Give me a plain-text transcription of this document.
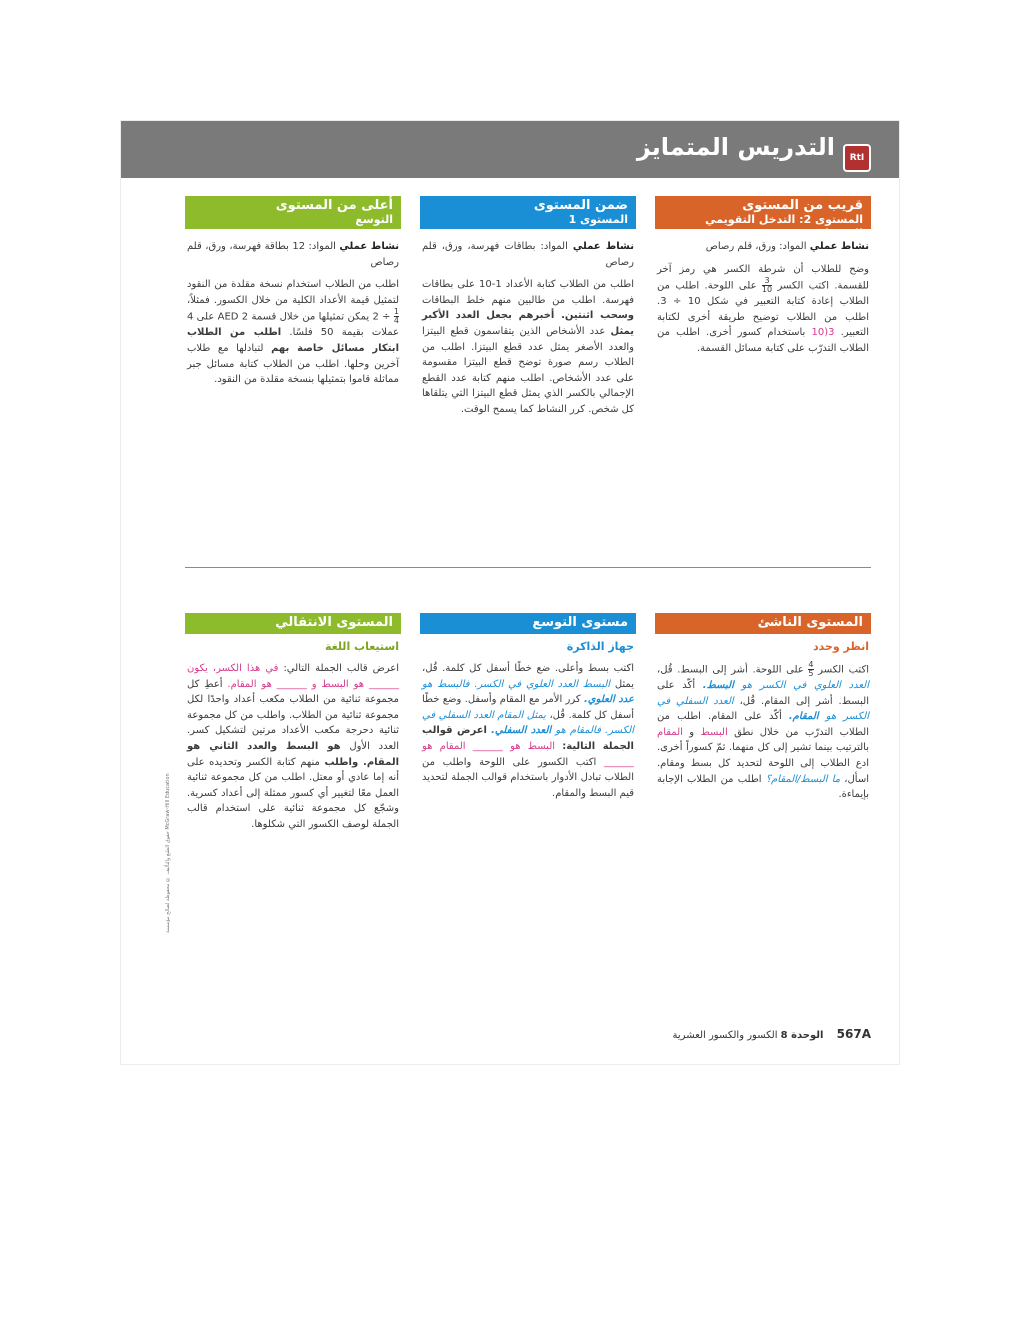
التدريس المتمايز	RtI
قريب من المستوى
المستوى 2: التدخل التقويمي الإستراتيجي

نشاط عملي المواد: ورق، قلم رصاص

وضح للطلاب أن شرطة الكسر هي رمز آخر للقسمة. اكتب الكسر
$\frac{3}{10}$
على اللوحة. اطلب من الطلاب إعادة كتابة التعبير في شكل 10 ÷ 3. اطلب من الطلاب توضيح طريقة أخرى لكتابة التعبير. 3(10 باستخدام كسور أخرى. اطلب من الطلاب التدرّب على كتابة مسائل القسمة.

ضمن المستوى
المستوى 1

نشاط عملي المواد: بطاقات فهرسة، ورق، قلم رصاص

اطلب من الطلاب كتابة الأعداد 1-10 على بطاقات فهرسة. اطلب من طالبين منهم خلط البطاقات وسحب اثنتين. أخبرهم بجعل العدد الأكبر يمثل عدد الأشخاص الذين يتقاسمون قطع البيتزا والعدد الأصغر يمثل عدد قطع البيتزا. اطلب من الطلاب رسم صورة توضح قطع البيتزا مقسومة على عدد الأشخاص. اطلب منهم كتابة عدد القطع الإجمالي بالكسر الذي يمثل قطع البيتزا التي يتلقاها كل شخص. كرر النشاط كما يسمح الوقت.

أعلى من المستوى
التوسع

نشاط عملي المواد: 12 بطاقة فهرسة، ورق، قلم رصاص

اطلب من الطلاب استخدام نسخة مقلدة من النقود لتمثيل قيمة الأعداد الكلية من خلال الكسور. فمثلاً،
$\frac{1}{4}$
÷ 2 يمكن تمثيلها من خلال قسمة 2 AED على 4 عملات بقيمة 50 فلسًا. اطلب من الطلاب ابتكار مسائل خاصة بهم لتبادلها مع طلاب آخرين وحلها. اطلب من الطلاب كتابة مسائل جبر مماثلة قاموا بتمثيلها بنسخة مقلدة من النقود.

المستوى الناشئ
انظر وحدد

اكتب الكسر
$\frac{4}{5}$
على اللوحة. أشر إلى البسط. قُل، العدد العلوي في الكسر هو البسط. أكّد على البسط. أشر إلى المقام. قُل، العدد السفلي في الكسر هو المقام. أكّد على المقام. اطلب من الطلاب التدرّب من خلال نطق البسط و المقام بالترتيب بينما تشير إلى كل منهما. ثمّ كسوراً أخرى. ادع الطلاب إلى اللوحة لتحديد كل بسط ومقام. اسأل، ما البسط/المقام؟ اطلب من الطلاب الإجابة بإيماءة.

مستوى التوسع
جهاز الذاكرة

اكتب بسط وأعلى. ضع خطًا أسفل كل كلمة. قُل، يمثل البسط العدد العلوي في الكسر. فالبسط هو عدد العلوي. كرر الأمر مع المقام وأسفل. وضع خطًا أسفل كل كلمة. قُل، يمثل المقام العدد السفلي في الكسر. فالمقام هو العدد السفلي. اعرض قوالب الجملة التالية: البسط هو ______ المقام هو ______ اكتب الكسور على اللوحة واطلب من الطلاب تبادل الأدوار باستخدام قوالب الجملة لتحديد قيم البسط والمقام.

المستوى الانتقالي
استيعاب اللغة

اعرض قالب الجملة التالي: في هذا الكسر، يكون ______ هو البسط و ______ هو المقام. أعطِ كل مجموعة ثنائية من الطلاب مكعب أعداد واحدًا لكل مجموعة ثنائية من الطلاب. واطلب من كل مجموعة ثنائية دحرجة مكعب الأعداد مرتين لتشكيل كسر. العدد الأول هو البسط والعدد الثاني هو المقام. واطلب منهم كتابة الكسر وتحديده على أنه إما عادي أو معتل. اطلب من كل مجموعة ثنائية العمل معًا لتغيير أي كسور ممثلة إلى أعداد كسرية. وشجّع كل مجموعة ثنائية على استخدام قالب الجملة لوصف الكسور التي شكلوها.

حقوق الطبع والتأليف © محفوظة لصالح مؤسسة McGraw-Hill Education
567A الوحدة 8 الكسور والكسور العشرية
